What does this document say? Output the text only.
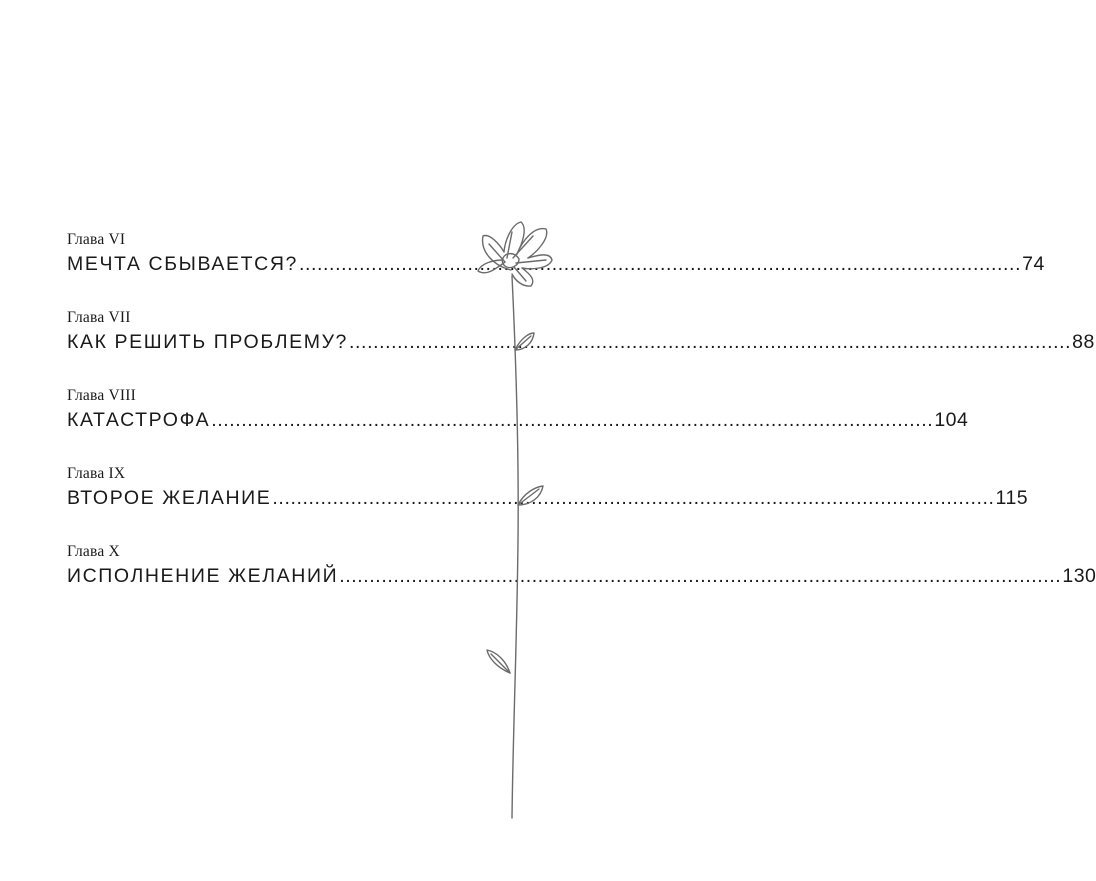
Глава VI
МЕЧТА СБЫВАЕТСЯ? ........................................................................................................................ 74
Глава VII
КАК РЕШИТЬ ПРОБЛЕМУ? ........................................................................................................................ 88
Глава VIII
КАТАСТРОФА ........................................................................................................................ 104
Глава IX
ВТОРОЕ ЖЕЛАНИЕ ........................................................................................................................ 115
Глава X
ИСПОЛНЕНИЕ ЖЕЛАНИЙ ........................................................................................................................ 130
